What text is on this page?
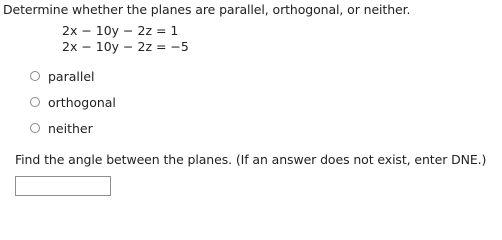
Determine whether the planes are parallel, orthogonal, or neither.
2x − 10y − 2z = 1
2x − 10y − 2z = −5
parallel
orthogonal
neither
Find the angle between the planes. (If an answer does not exist, enter DNE.)
